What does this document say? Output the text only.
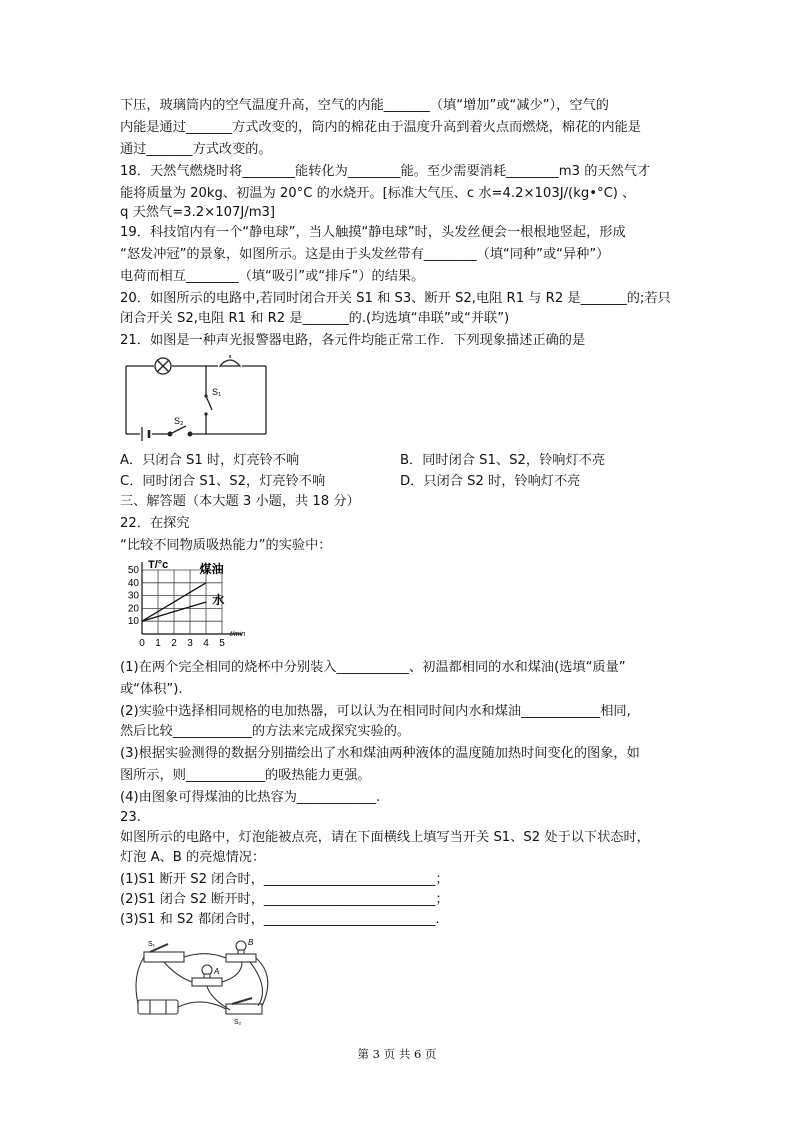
下压，玻璃筒内的空气温度升高，空气的内能_______（填“增加”或“减少”），空气的
内能是通过_______方式改变的，筒内的棉花由于温度升高到着火点而燃烧，棉花的内能是
通过_______方式改变的。
18．天然气燃烧时将________能转化为________能。至少需要消耗________m3 的天然气才
能将质量为 20kg、初温为 20°C 的水烧开。[标准大气压、c 水=4.2×103J/(kg•°C) 、
q 天然气=3.2×107J/m3]
19．科技馆内有一个“静电球”，当人触摸“静电球”时，头发丝便会一根根地竖起，形成
“怒发冲冠”的景象，如图所示。这是由于头发丝带有________（填“同种”或“异种”）
电荷而相互________（填“吸引”或“排斥”）的结果。
20．如图所示的电路中,若同时闭合开关 S1 和 S3、断开 S2,电阻 R1 与 R2 是_______的;若只
闭合开关 S2,电阻 R1 和 R2 是_______的.(均选填“串联”或“并联”)
21．如图是一种声光报警器电路，各元件均能正常工作．下列现象描述正确的是
S₁
S₂
A．只闭合 S1 时，灯亮铃不响	B．同时闭合 S1、S2，铃响灯不亮
C．同时闭合 S1、S2，灯亮铃不响	D．只闭合 S2 时，铃响灯不亮
三、解答题（本大题 3 小题，共 18 分）
22．在探究
“比较不同物质吸热能力”的实验中：
10
20
30
40
50
0 1 2 3 4 5
t/min
T/°c	煤油
水
(1)在两个完全相同的烧杯中分别装入___________、初温都相同的水和煤油(选填“质量”
或“体积”).
(2)实验中选择相同规格的电加热器，可以认为在相同时间内水和煤油____________相同,
然后比较____________的方法来完成探究实验的。
(3)根据实验测得的数据分别描绘出了水和煤油两种液体的温度随加热时间变化的图象，如
图所示，则____________的吸热能力更强。
(4)由图象可得煤油的比热容为____________.
23.
如图所示的电路中，灯泡能被点亮，请在下面横线上填写当开关 S1、S2 处于以下状态时，
灯泡 A、B 的亮熄情况：
(1)S1 断开 S2 闭合时，__________________________；
(2)S1 闭合 S2 断开时，__________________________；
(3)S1 和 S2 都闭合时，__________________________.
S₁	B
A
S₂
第 3 页 共 6 页
